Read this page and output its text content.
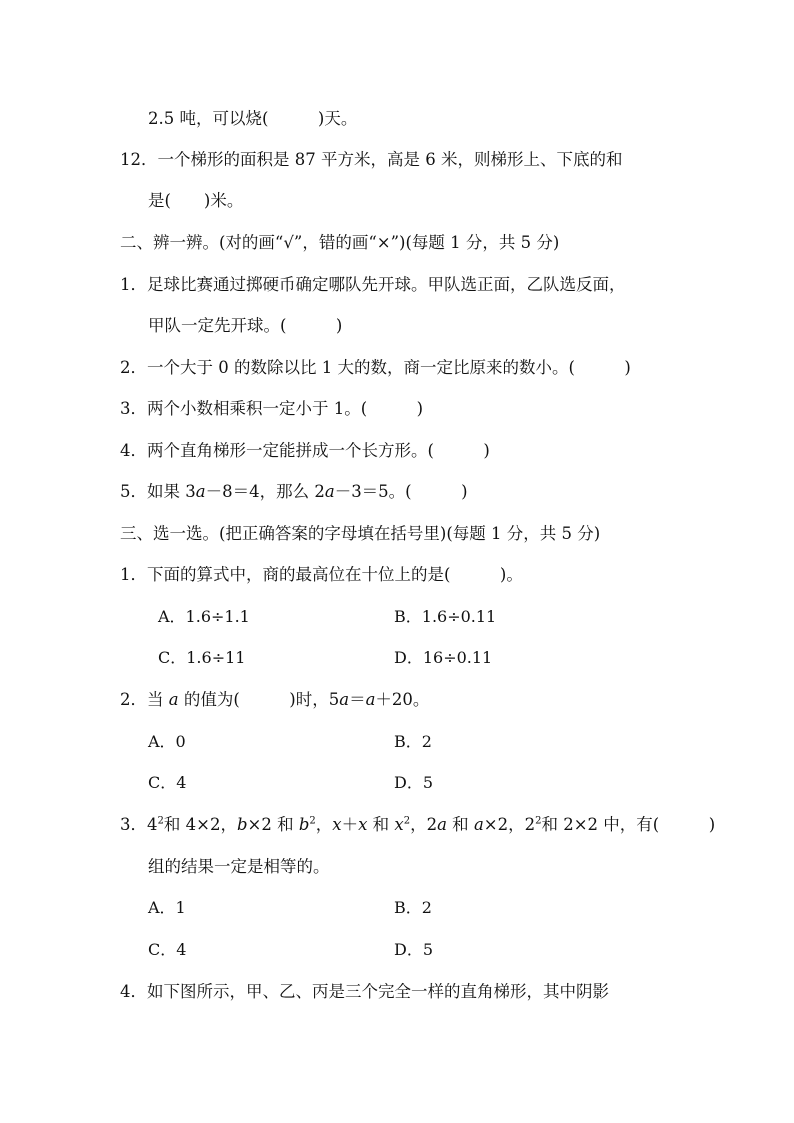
2.5 吨，可以烧(　　　)天。
12．一个梯形的面积是 87 平方米，高是 6 米，则梯形上、下底的和
是(　　)米。
二、辨一辨。(对的画“√”，错的画“×”)(每题 1 分，共 5 分)
1．足球比赛通过掷硬币确定哪队先开球。甲队选正面，乙队选反面，
甲队一定先开球。(　　　)
2．一个大于 0 的数除以比 1 大的数，商一定比原来的数小。(　　　)
3．两个小数相乘积一定小于 1。(　　　)
4．两个直角梯形一定能拼成一个长方形。(　　　)
5．如果 3a－8＝4，那么 2a－3＝5。(　　　)
三、选一选。(把正确答案的字母填在括号里)(每题 1 分，共 5 分)
1．下面的算式中，商的最高位在十位上的是(　　　)。
A．1.6÷1.1	B．1.6÷0.11
C．1.6÷11	D．16÷0.11
2．当 a 的值为(　　　)时，5a＝a＋20。
A．0	B．2
C．4	D．5
3．$4^2$和 4×2，b×2 和 $b^2$，x＋x 和 $x^2$，2a 和 a×2，$2^2$和 2×2 中，有(　　　)
组的结果一定是相等的。
A．1	B．2
C．4	D．5
4．如下图所示，甲、乙、丙是三个完全一样的直角梯形，其中阴影
